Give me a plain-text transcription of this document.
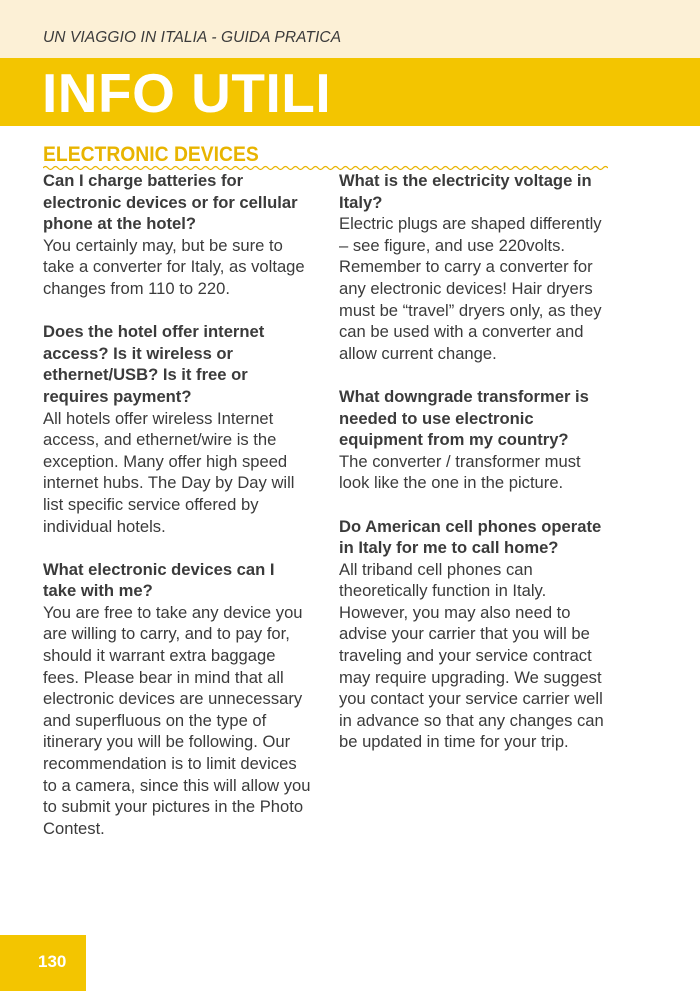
UN VIAGGIO IN ITALIA - GUIDA PRATICA
INFO UTILI
ELECTRONIC DEVICES
Can I charge batteries for electronic devices or for cellular phone at the hotel?
You certainly may, but be sure to take a converter for Italy, as voltage changes from 110 to 220.
Does the hotel offer internet access? Is it wireless or ethernet/USB? Is it free or requires payment?
All hotels offer wireless Internet access, and ethernet/wire is the exception. Many offer high speed internet hubs. The Day by Day will list specific service offered by individual hotels.
What electronic devices can I take with me?
You are free to take any device you are willing to carry, and to pay for, should it warrant extra baggage fees. Please bear in mind that all electronic devices are unnecessary and superfluous on the type of itinerary you will be following. Our recommendation is to limit devices to a camera, since this will allow you to submit your pictures in the Photo Contest.
What is the electricity voltage in Italy?
Electric plugs are shaped differently – see figure, and use 220volts. Remember to carry a converter for any electronic devices! Hair dryers must be “travel” dryers only, as they can be used with a converter and allow current change.
What downgrade transformer is needed to use electronic equipment from my country?
The converter / transformer must look like the one in the picture.
Do American cell phones operate in Italy for me to call home?
All triband cell phones can theoretically function in Italy. However, you may also need to advise your carrier that you will be traveling and your service contract may require upgrading. We suggest you contact your service carrier well in advance so that any changes can be updated in time for your trip.
130
